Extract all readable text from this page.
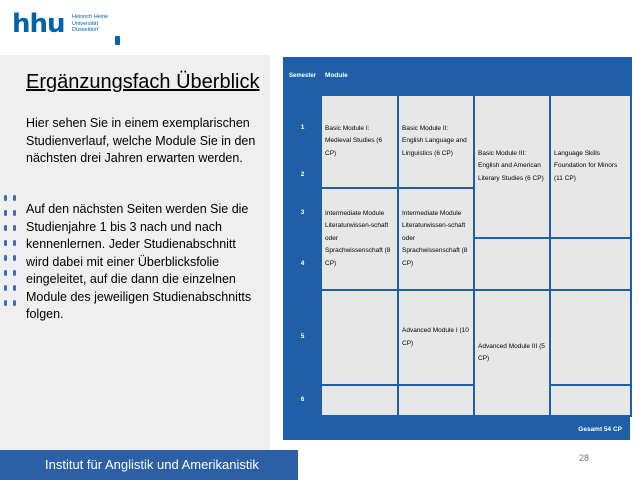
hhu Heinrich Heine
Universität
Düsseldorf
Ergänzungsfach Überblick
Hier sehen Sie in einem exemplarischen Studienverlauf, welche Module Sie in den nächsten drei Jahren erwarten werden.
Auf den nächsten Seiten werden Sie die Studienjahre 1 bis 3 nach und nach kennenlernen. Jeder Studienabschnitt wird dabei mit einer Überblicksfolie eingeleitet, auf die dann die einzelnen Module des jeweiligen Studienabschnitts folgen.
Semester	Module			
1	Basic Module I: Medieval Studies (6 CP)	Basic Module II: English Language and Linguistics (6 CP)	Basic Module III: English and American Literary Studies (6 CP)	Language Skills Foundation for Minors (11 CP)
2				
3	Intermediate Module Literaturwissen-schaft oder Sprachwissenschaft (8 CP)	Intermediate Module Literaturwissen-schaft oder Sprachwissenschaft (8 CP)		
4				
5		Advanced Module I (10 CP)	Advanced Module III (5 CP)	
6				
Gesamt 54 CP
Institut für Anglistik und Amerikanistik	28
